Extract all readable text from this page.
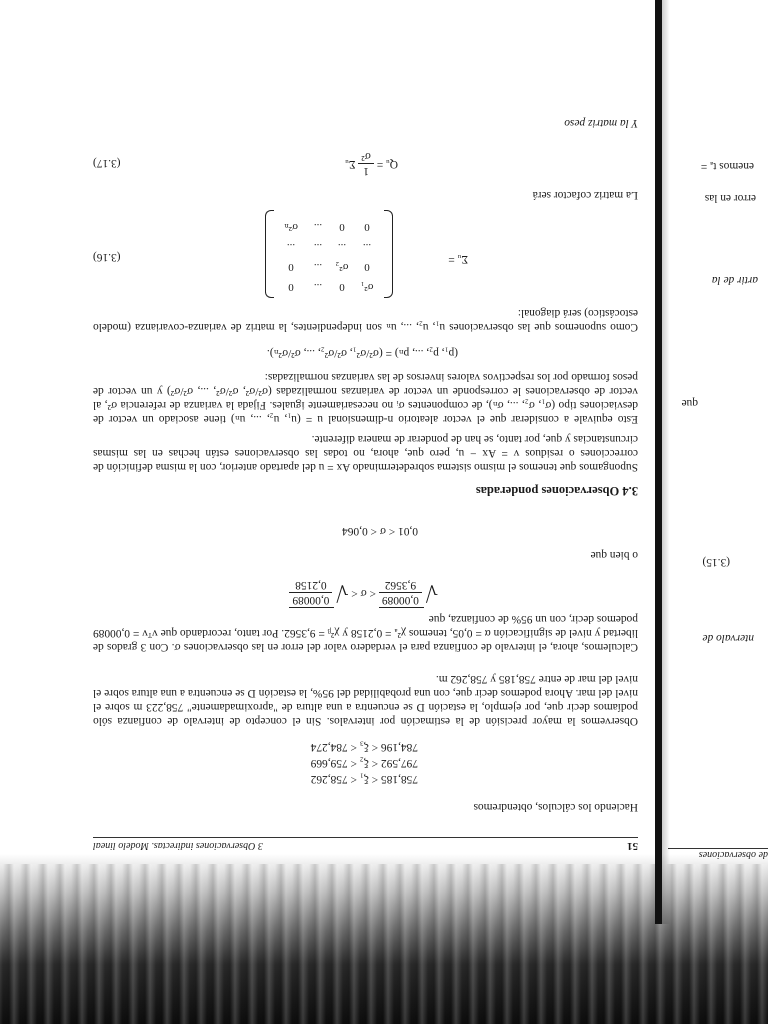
de observaciones
ntervalo de
(3.15)
que
artir de la
error en las
enemos tₐ =
51
3 Observaciones indirectas. Modelo lineal
Haciendo los cálculos, obtendremos
758,185 < ξ₁ < 758,262
797,592 < ξ₂ < 759,669
784,196 < ξ₃ < 784,274
Observemos la mayor precisión de la estimación por intervalos. Sin el concepto de intervalo de confianza sólo podíamos decir que, por ejemplo, la estación D se encuentra a una altura de "aproximadamente" 758,223 m sobre el nivel del mar. Ahora podemos decir que, con una probabilidad del 95%, la estación D se encuentra a una altura sobre el nivel del mar de entre 758,185 y 758,262 m.
Calculemos, ahora, el intervalo de confianza para el verdadero valor del error en las observaciones σ. Con 3 grados de libertad y nivel de significación α = 0,05, tenemos χ²ₐ = 0,2158 y χ²ᵦ = 9,3562. Por tanto, recordando que vᵀv = 0,00089 podemos decir, con un 95% de confianza, que
√
0,00089
9,3562
< σ < √
0,00089
0,2158
o bien que
0,01 < σ < 0,064
3.4 Observaciones ponderadas
Supongamos que tenemos el mismo sistema sobredeterminado Ax = u del apartado anterior, con la misma definición de correcciones o residuos v = Ax − u, pero que, ahora, no todas las observaciones están hechas en las mismas circunstancias y que, por tanto, se han de ponderar de manera diferente.
Esto equivale a considerar que el vector aleatorio n-dimensional u = (u₁, u₂, ..., uₙ) tiene asociado un vector de desviaciones tipo (σ₁, σ₂, ..., σₙ), de componentes σᵢ no necesariamente iguales. Fijada la varianza de referencia σ², al vector de observaciones le corresponde un vector de varianzas normalizadas (σ²/σ², σ²/σ², ..., σ²/σ²) y un vector de pesos formado por los respectivos valores inversos de las varianzas normalizadas:
(p₁, p₂, ..., pₙ) = (σ²/σ²₁, σ²/σ²₂, ..., σ²/σ²ₙ).
Como suponemos que las observaciones u₁, u₂, ..., uₙ son independientes, la matriz de varianza-covarianza (modelo estocástico) será diagonal:
Σᵤ =
σ²₁
0
...
0
0
σ²₂
...
0
...
...
...
...
0
0
...
σ²ₙ
(3.16)
La matriz cofactor será
Qᵤ =
1
σ²
Σᵤ
(3.17)
Y la matriz peso
